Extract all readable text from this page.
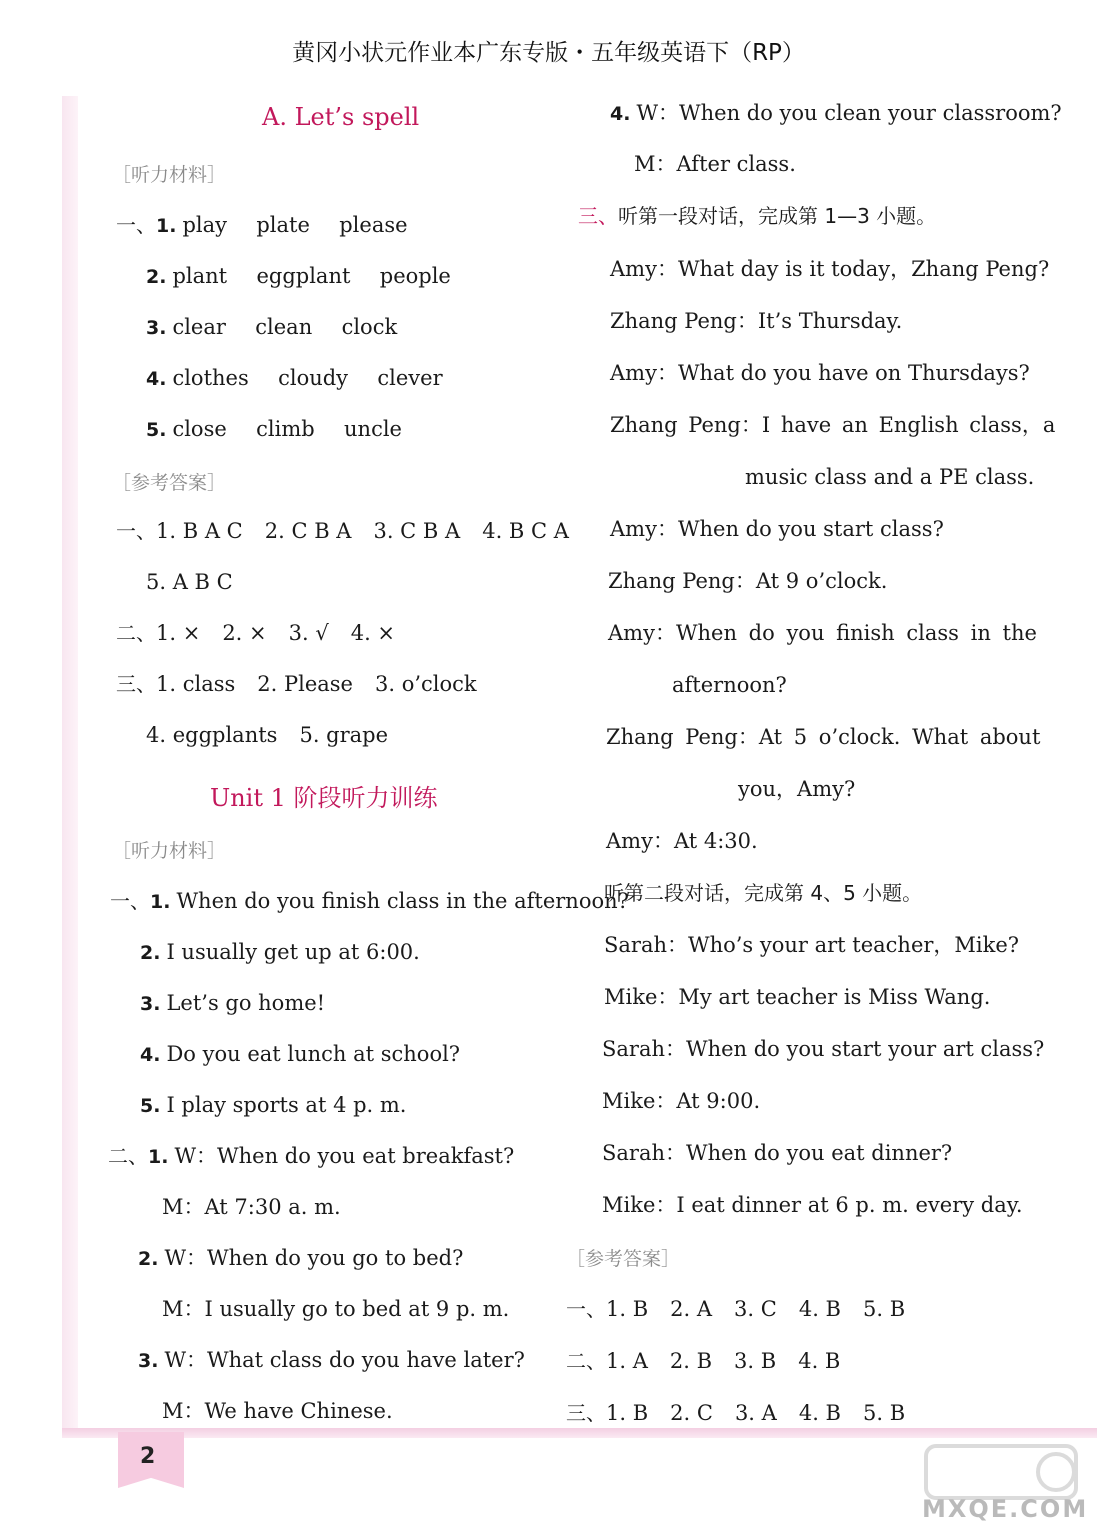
黄冈小状元作业本广东专版・五年级英语下（RP）
2
A. Let’s spell
［听力材料］
一、1. play  plate  please
2. plant  eggplant  people
3. clear  clean  clock
4. clothes  cloudy  clever
5. close  climb  uncle
［参考答案］
一、1. B A C 2. C B A 3. C B A 4. B C A
5. A B C
二、1. × 2. × 3. √ 4. ×
三、1. class 2. Please 3. o’clock
4. eggplants 5. grape
Unit 1 阶段听力训练
［听力材料］
一、1. When do you finish class in the afternoon?
2. I usually get up at 6:00.
3. Let’s go home!
4. Do you eat lunch at school?
5. I play sports at 4 p. m.
二、1. W：When do you eat breakfast?
M：At 7:30 a. m.
2. W：When do you go to bed?
M：I usually go to bed at 9 p. m.
3. W：What class do you have later?
M：We have Chinese.
4. W：When do you clean your classroom?
M：After class.
三、听第一段对话，完成第 1—3 小题。
Amy：What day is it today，Zhang Peng?
Zhang Peng：It’s Thursday.
Amy：What do you have on Thursdays?
Zhang Peng：I have an English class，a
music class and a PE class.
Amy：When do you start class?
Zhang Peng：At 9 o’clock.
Amy：When do you finish class in the
afternoon?
Zhang Peng：At 5 o’clock. What about
you，Amy?
Amy：At 4:30.
听第二段对话，完成第 4、5 小题。
Sarah：Who’s your art teacher，Mike?
Mike：My art teacher is Miss Wang.
Sarah：When do you start your art class?
Mike：At 9:00.
Sarah：When do you eat dinner?
Mike：I eat dinner at 6 p. m. every day.
［参考答案］
一、1. B 2. A 3. C 4. B 5. B
二、1. A 2. B 3. B 4. B
三、1. B 2. C 3. A 4. B 5. B
MXQE.COM
